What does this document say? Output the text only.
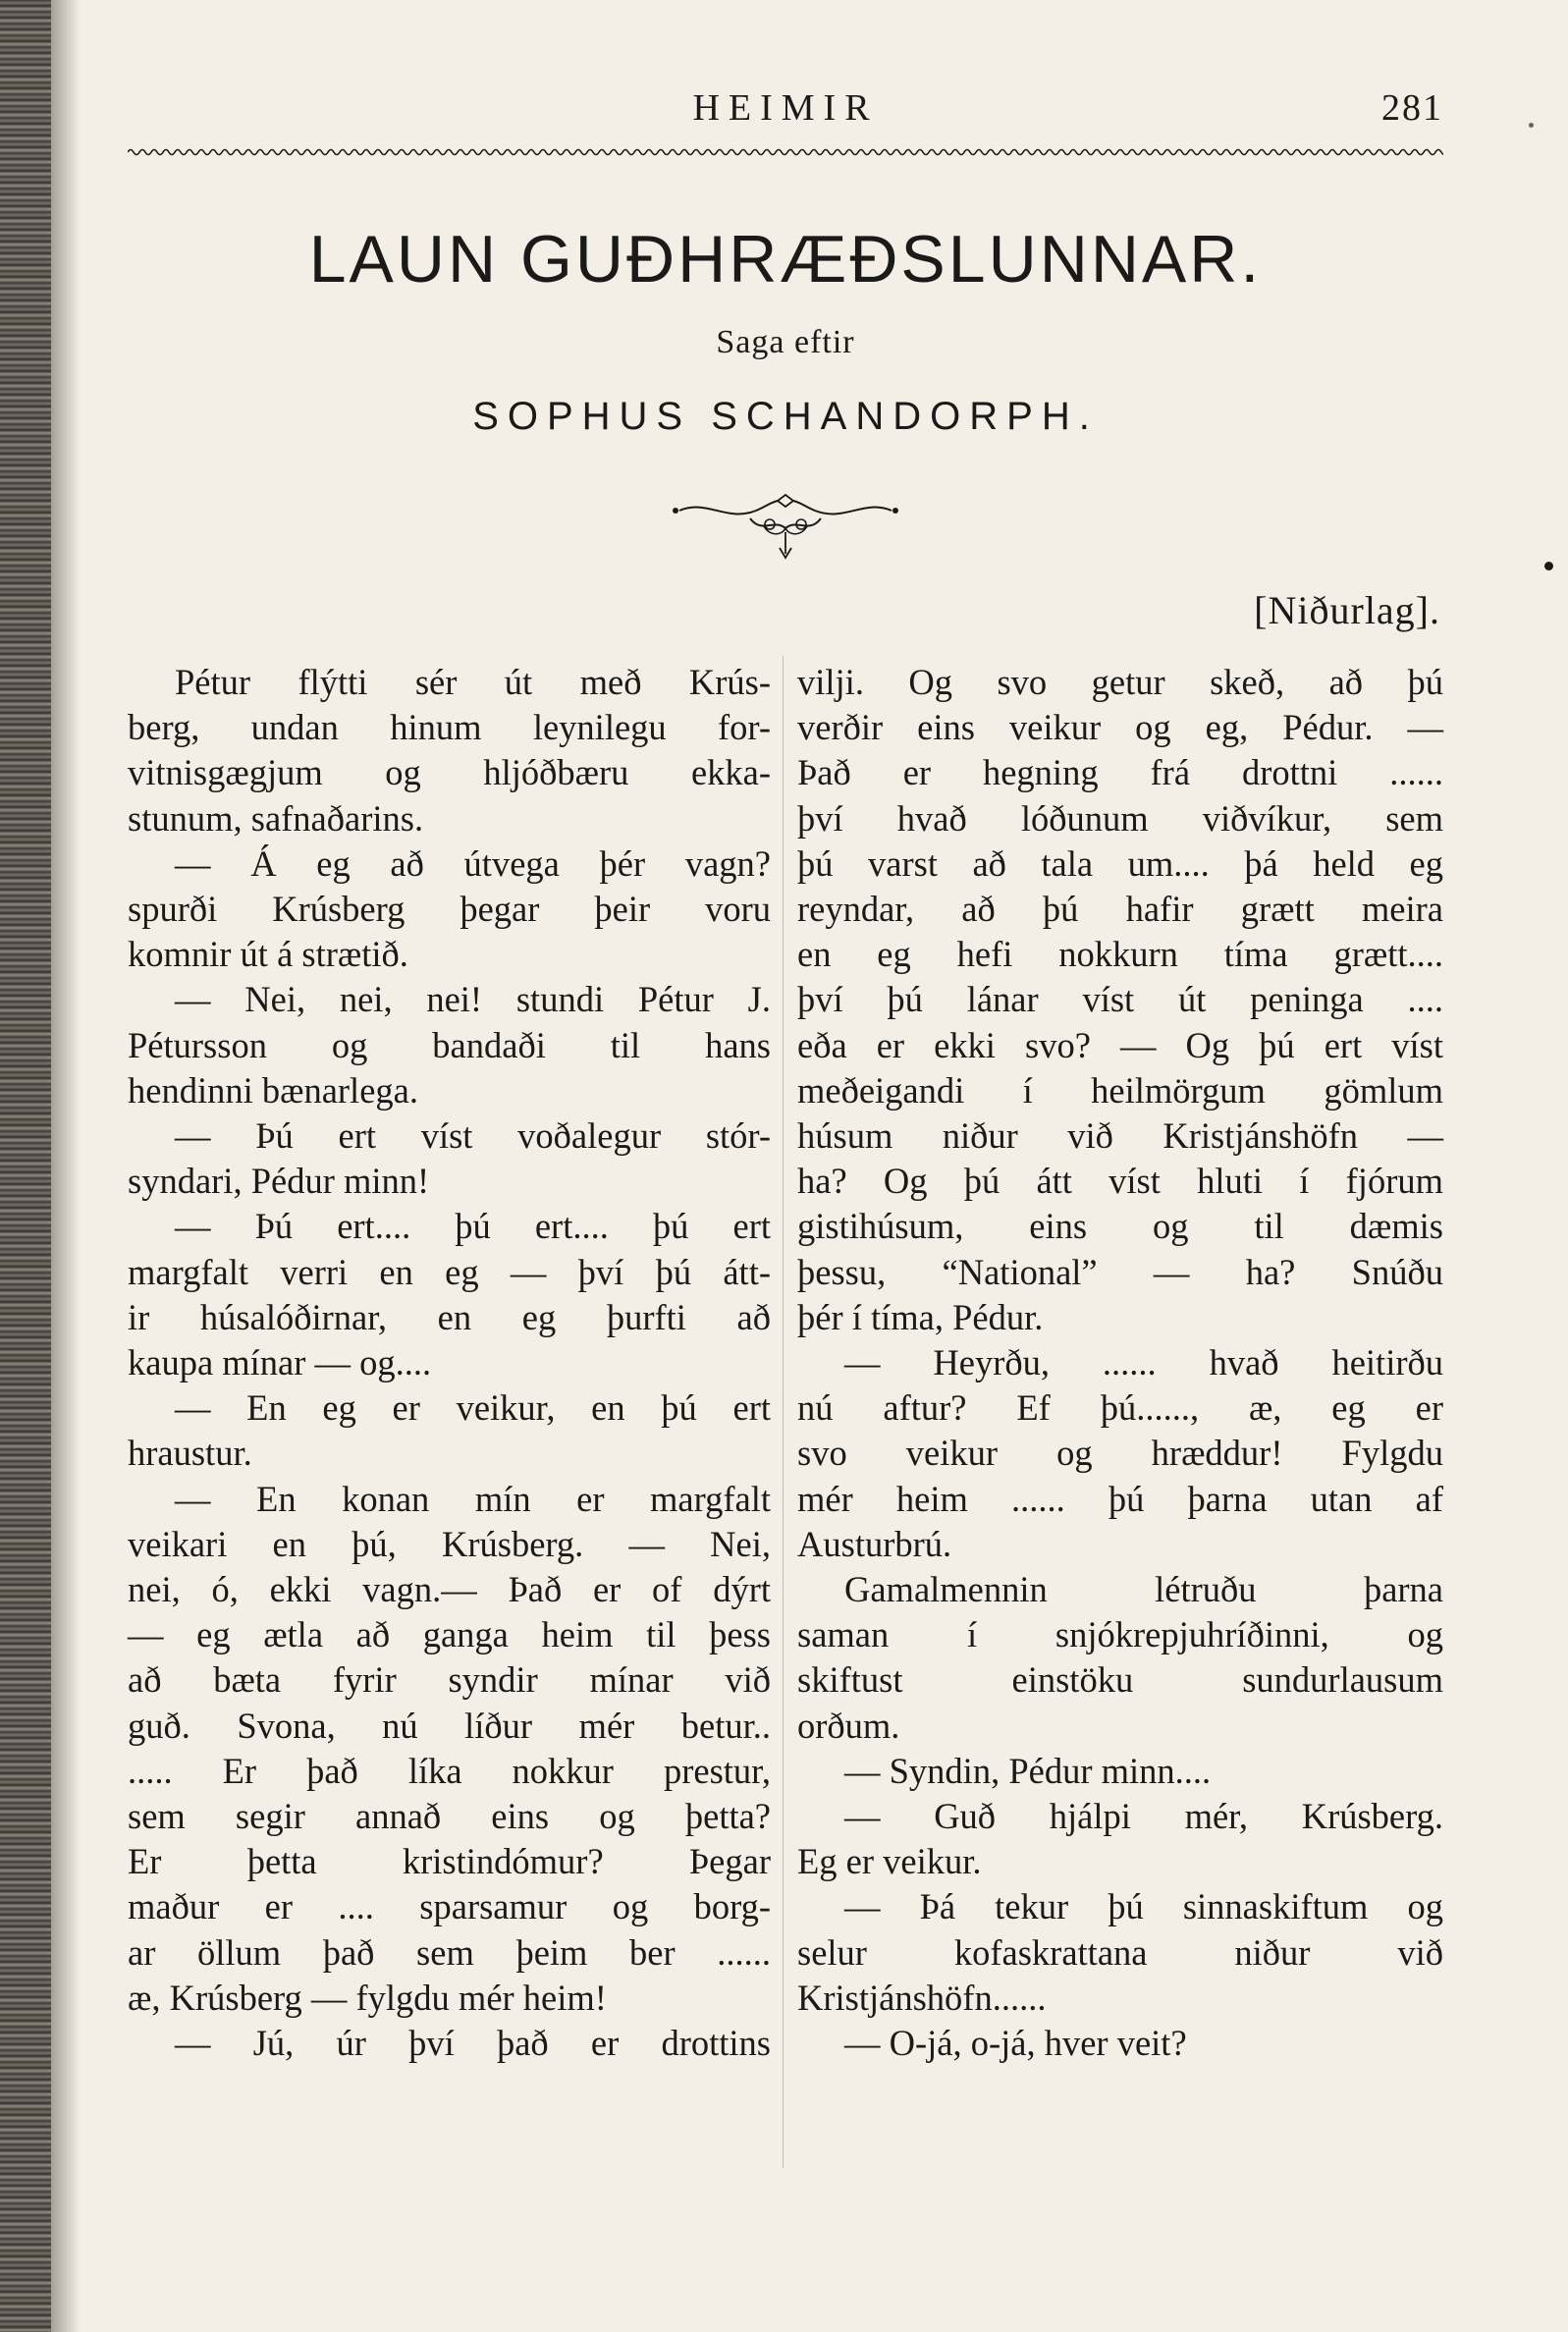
HEIMIR	281
LAUN GUÐHRÆÐSLUNNAR.
Saga eftir
SOPHUS SCHANDORPH.
[Niðurlag].
Pétur flýtti sér út með Krús-
berg, undan hinum leynilegu for-
vitnisgægjum og hljóðbæru ekka-
stunum, safnaðarins.
— Á eg að útvega þér vagn?
spurði Krúsberg þegar þeir voru
komnir út á strætið.
— Nei, nei, nei! stundi Pétur J.
Pétursson og bandaði til hans
hendinni bænarlega.
— Þú ert víst voðalegur stór-
syndari, Pédur minn!
— Þú ert.... þú ert.... þú ert
margfalt verri en eg — því þú átt-
ir húsalóðirnar, en eg þurfti að
kaupa mínar — og....
— En eg er veikur, en þú ert
hraustur.
— En konan mín er margfalt
veikari en þú, Krúsberg. — Nei,
nei, ó, ekki vagn.— Það er of dýrt
— eg ætla að ganga heim til þess
að bæta fyrir syndir mínar við
guð. Svona, nú líður mér betur..
..... Er það líka nokkur prestur,
sem segir annað eins og þetta?
Er þetta kristindómur? Þegar
maður er .... sparsamur og borg-
ar öllum það sem þeim ber ......
æ, Krúsberg — fylgdu mér heim!
— Jú, úr því það er drottins
vilji. Og svo getur skeð, að þú
verðir eins veikur og eg, Pédur. —
Það er hegning frá drottni ......
því hvað lóðunum viðvíkur, sem
þú varst að tala um.... þá held eg
reyndar, að þú hafir grætt meira
en eg hefi nokkurn tíma grætt....
því þú lánar víst út peninga ....
eða er ekki svo? — Og þú ert víst
meðeigandi í heilmörgum gömlum
húsum niður við Kristjánshöfn —
ha? Og þú átt víst hluti í fjórum
gistihúsum, eins og til dæmis
þessu, “National” — ha? Snúðu
þér í tíma, Pédur.
— Heyrðu, ...... hvað heitirðu
nú aftur? Ef þú......, æ, eg er
svo veikur og hræddur! Fylgdu
mér heim ...... þú þarna utan af
Austurbrú.
Gamalmennin létruðu þarna
saman í snjókrepjuhríðinni, og
skiftust einstöku sundurlausum
orðum.
— Syndin, Pédur minn....
— Guð hjálpi mér, Krúsberg.
Eg er veikur.
— Þá tekur þú sinnaskiftum og
selur kofaskrattana niður við
Kristjánshöfn......
— O-já, o-já, hver veit?
